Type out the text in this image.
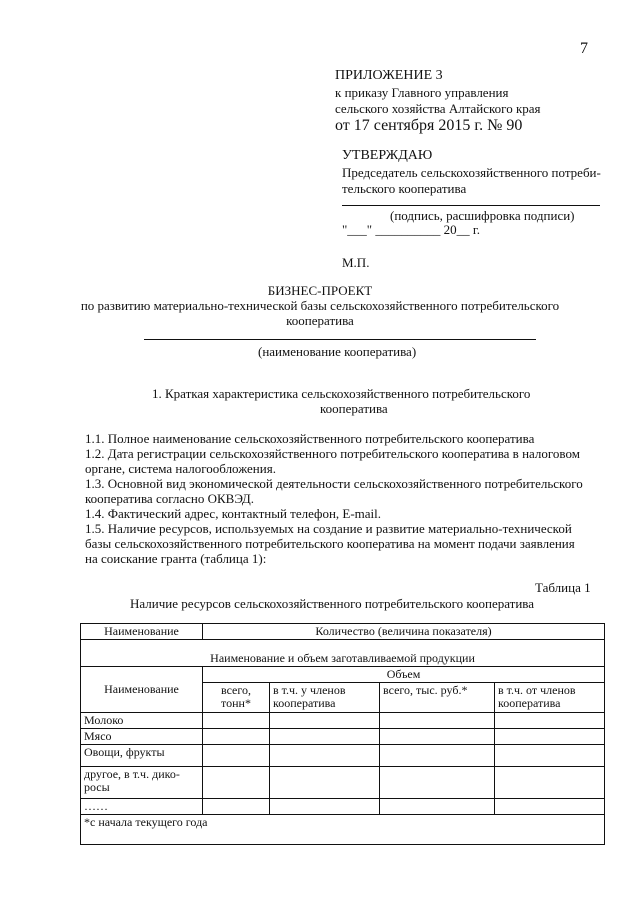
7
ПРИЛОЖЕНИЕ 3
к приказу Главного управления
сельского хозяйства Алтайского края
от 17 сентября 2015 г. № 90
УТВЕРЖДАЮ
Председатель сельскохозяйственного потреби-
тельского кооператива
(подпись, расшифровка подписи)
"___" __________ 20__ г.
М.П.
БИЗНЕС-ПРОЕКТ
по развитию материально-технической базы сельскохозяйственного потребительского
кооператива
(наименование кооператива)
1. Краткая характеристика сельскохозяйственного потребительского
кооператива
1.1. Полное наименование сельскохозяйственного потребительского кооператива
1.2. Дата регистрации сельскохозяйственного потребительского кооператива в налоговом
органе, система налогообложения.
1.3. Основной вид экономической деятельности сельскохозяйственного потребительского
кооператива согласно ОКВЭД.
1.4. Фактический адрес, контактный телефон, E-mail.
1.5. Наличие ресурсов, используемых на создание и развитие материально-технической
базы сельскохозяйственного потребительского кооператива на момент подачи заявления
на соискание гранта (таблица 1):
Таблица 1
Наличие ресурсов сельскохозяйственного потребительского кооператива
Наименование	Количество (величина показателя)			
Наименование и объем заготавливаемой продукции				
Наименование	Объем			
	всего, тонн*	в т.ч. у членов кооператива	всего, тыс. руб.*	в т.ч. от членов кооператива
Молоко				
Мясо				
Овощи, фрукты				
другое, в т.ч. дико-росы				
……				
*с начала текущего года				
